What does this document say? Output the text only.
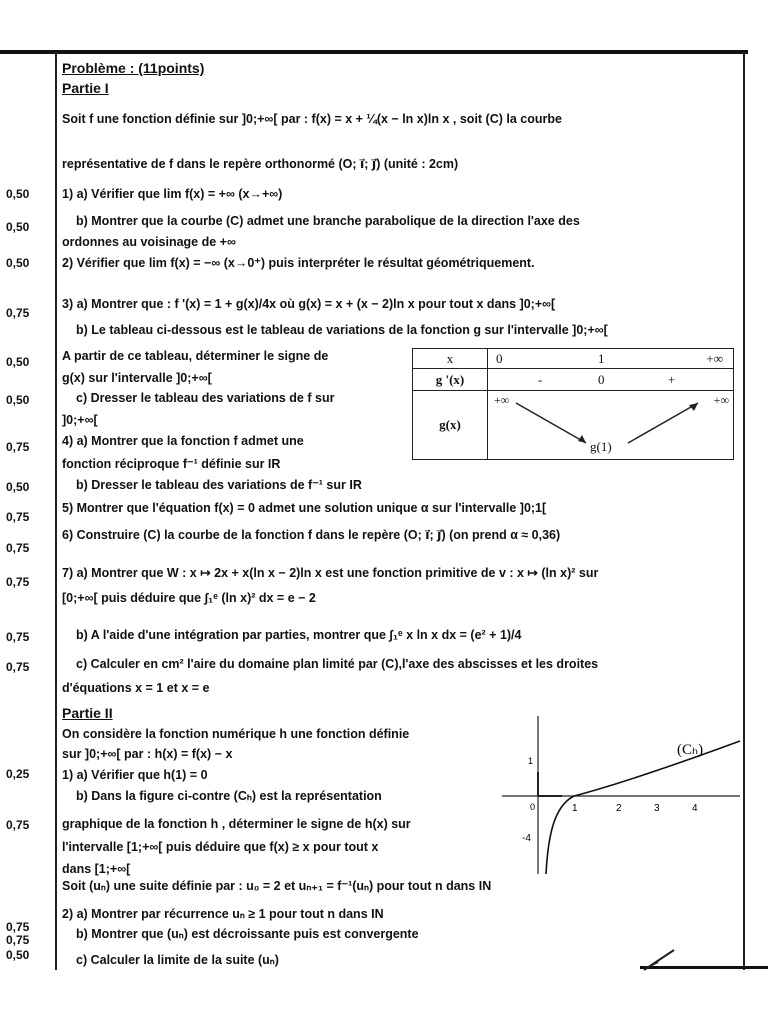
Problème : (11points)
Partie I
Partie II
Soit f une fonction définie sur ]0;+∞[ par : f(x) = x + ¼(x − ln x)ln x , soit (C) la courbe
représentative de f dans le repère orthonormé (O; i⃗; j⃗) (unité : 2cm)
1) a) Vérifier que lim f(x) = +∞ (x→+∞)
0,50
b) Montrer que la courbe (C) admet une branche parabolique de la direction l'axe des
0,50
ordonnes au voisinage de +∞
2) Vérifier que lim f(x) = −∞ (x→0⁺) puis interpréter le résultat géométriquement.
0,50
3) a) Montrer que : f '(x) = 1 + g(x)/4x où g(x) = x + (x − 2)ln x pour tout x dans ]0;+∞[
0,75
b) Le tableau ci-dessous est le tableau de variations de la fonction g sur l'intervalle ]0;+∞[
A partir de ce tableau, déterminer le signe de
0,50
g(x) sur l'intervalle ]0;+∞[
c) Dresser le tableau des variations de f sur
0,50
]0;+∞[
4) a) Montrer que la fonction f admet une
0,75
fonction réciproque f⁻¹ définie sur IR
b) Dresser le tableau des variations de f⁻¹ sur IR
0,50
5) Montrer que l'équation f(x) = 0 admet une solution unique α sur l'intervalle ]0;1[
0,75
6) Construire (C) la courbe de la fonction f dans le repère (O; i⃗; j⃗) (on prend α ≈ 0,36)
0,75
7) a) Montrer que W : x ↦ 2x + x(ln x − 2)ln x est une fonction primitive de v : x ↦ (ln x)² sur
0,75
[0;+∞[ puis déduire que ∫₁ᵉ (ln x)² dx = e − 2
b) A l'aide d'une intégration par parties, montrer que ∫₁ᵉ x ln x dx = (e² + 1)/4
0,75
c) Calculer en cm² l'aire du domaine plan limité par (C),l'axe des abscisses et les droites
0,75
d'équations x = 1 et x = e
On considère la fonction numérique h une fonction définie
sur ]0;+∞[ par : h(x) = f(x) − x
1) a) Vérifier que h(1) = 0
0,25
b) Dans la figure ci-contre (Cₕ) est la représentation
graphique de la fonction h , déterminer le signe de h(x) sur
0,75
l'intervalle [1;+∞[ puis déduire que f(x) ≥ x pour tout x
dans [1;+∞[
Soit (uₙ) une suite définie par : u₀ = 2 et uₙ₊₁ = f⁻¹(uₙ) pour tout n dans IN
2) a) Montrer par récurrence uₙ ≥ 1 pour tout n dans IN
0,75	b) Montrer que (uₙ) est décroissante puis est convergente
0,75
c) Calculer la limite de la suite (uₙ)
0,50
x	0 1 +∞

g '(x)	- 0 +

g(x)	+∞ +∞
g(1)
(Cₕ)
1	2	3	4
-4
0
1
